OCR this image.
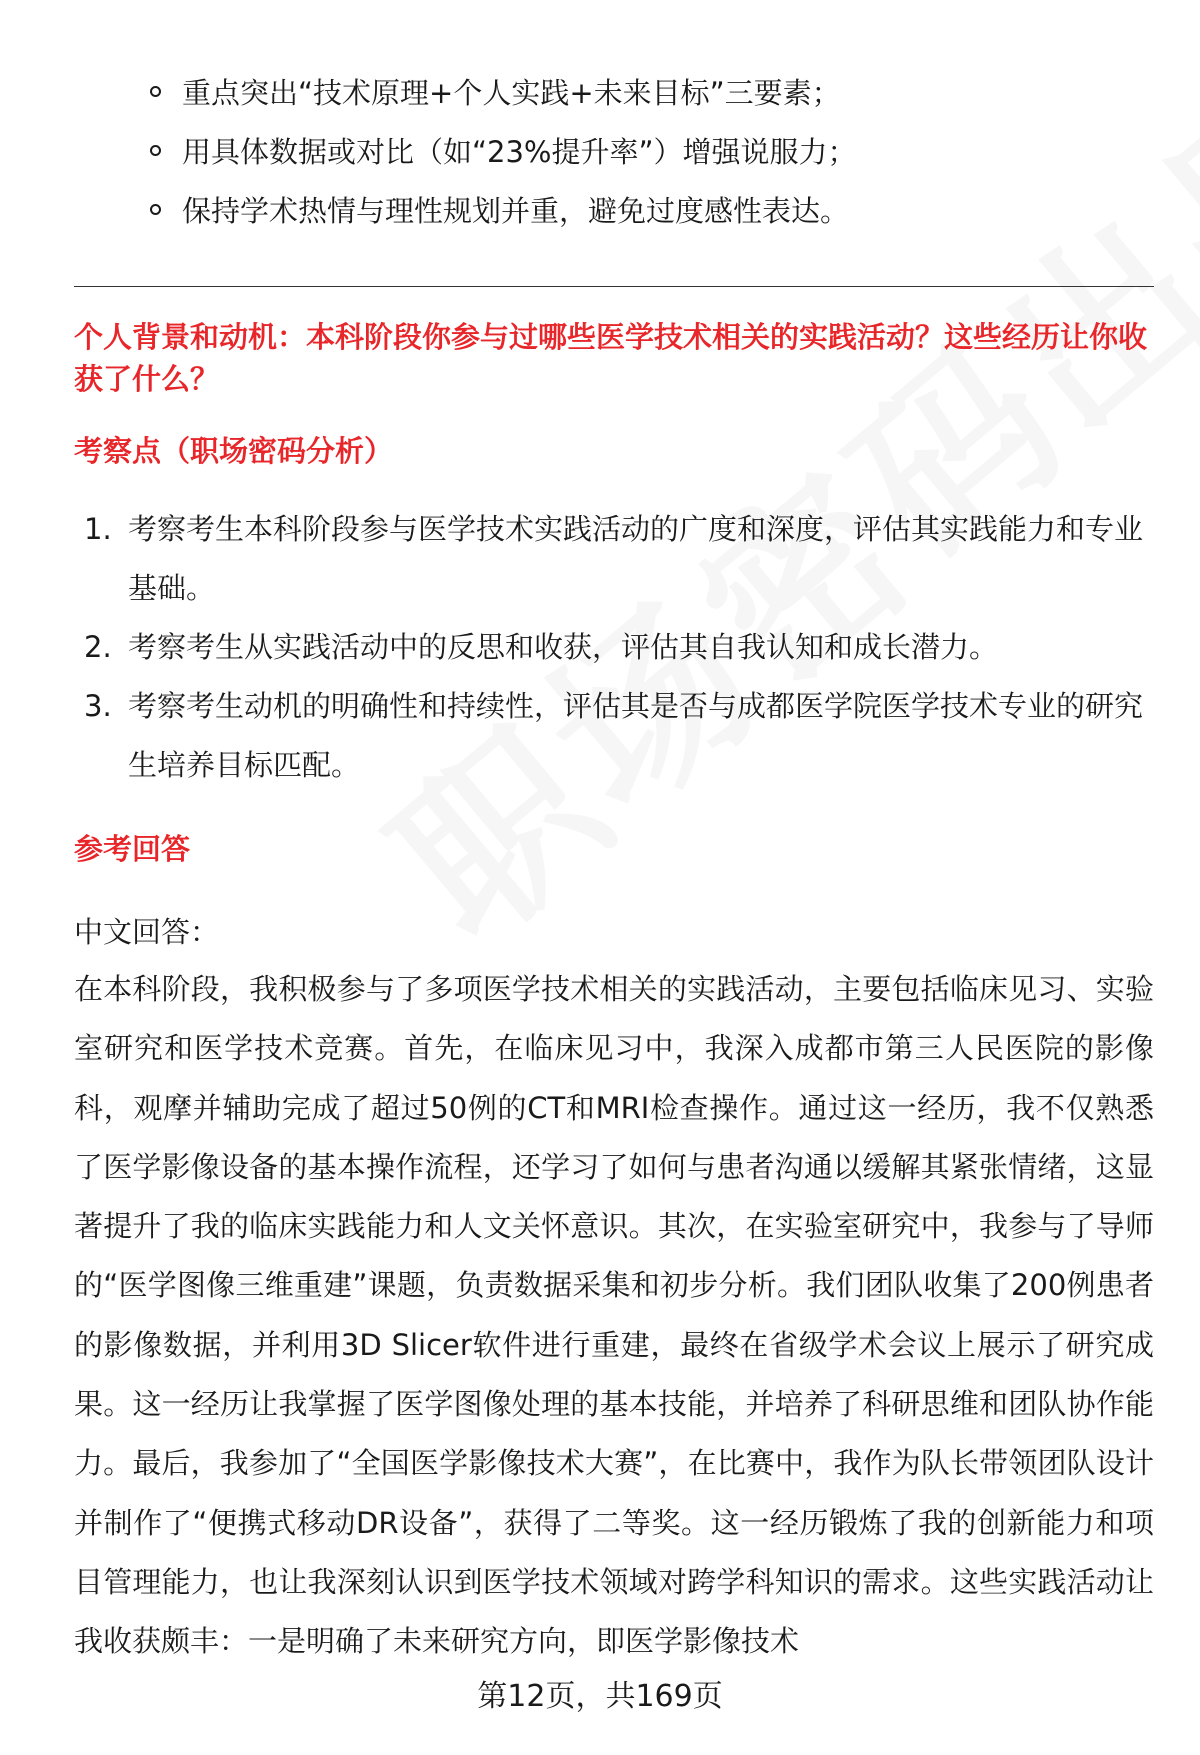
重点突出“技术原理+个人实践+未来目标”三要素；
用具体数据或对比（如“23%提升率”）增强说服力；
保持学术热情与理性规划并重，避免过度感性表达。
个人背景和动机：本科阶段你参与过哪些医学技术相关的实践活动？这些经历让你收获了什么？
考察点（职场密码分析）
1. 考察考生本科阶段参与医学技术实践活动的广度和深度，评估其实践能力和专业基础。
2. 考察考生从实践活动中的反思和收获，评估其自我认知和成长潜力。
3. 考察考生动机的明确性和持续性，评估其是否与成都医学院医学技术专业的研究生培养目标匹配。
参考回答
中文回答：
在本科阶段，我积极参与了多项医学技术相关的实践活动，主要包括临床见习、实验室研究和医学技术竞赛。首先，在临床见习中，我深入成都市第三人民医院的影像科，观摩并辅助完成了超过50例的CT和MRI检查操作。通过这一经历，我不仅熟悉了医学影像设备的基本操作流程，还学习了如何与患者沟通以缓解其紧张情绪，这显著提升了我的临床实践能力和人文关怀意识。其次，在实验室研究中，我参与了导师的“医学图像三维重建”课题，负责数据采集和初步分析。我们团队收集了200例患者的影像数据，并利用3D Slicer软件进行重建，最终在省级学术会议上展示了研究成果。这一经历让我掌握了医学图像处理的基本技能，并培养了科研思维和团队协作能力。最后，我参加了“全国医学影像技术大赛”，在比赛中，我作为队长带领团队设计并制作了“便携式移动DR设备”，获得了二等奖。这一经历锻炼了我的创新能力和项目管理能力，也让我深刻认识到医学技术领域对跨学科知识的需求。这些实践活动让我收获颇丰：一是明确了未来研究方向，即医学影像技术
第12页，共169页
